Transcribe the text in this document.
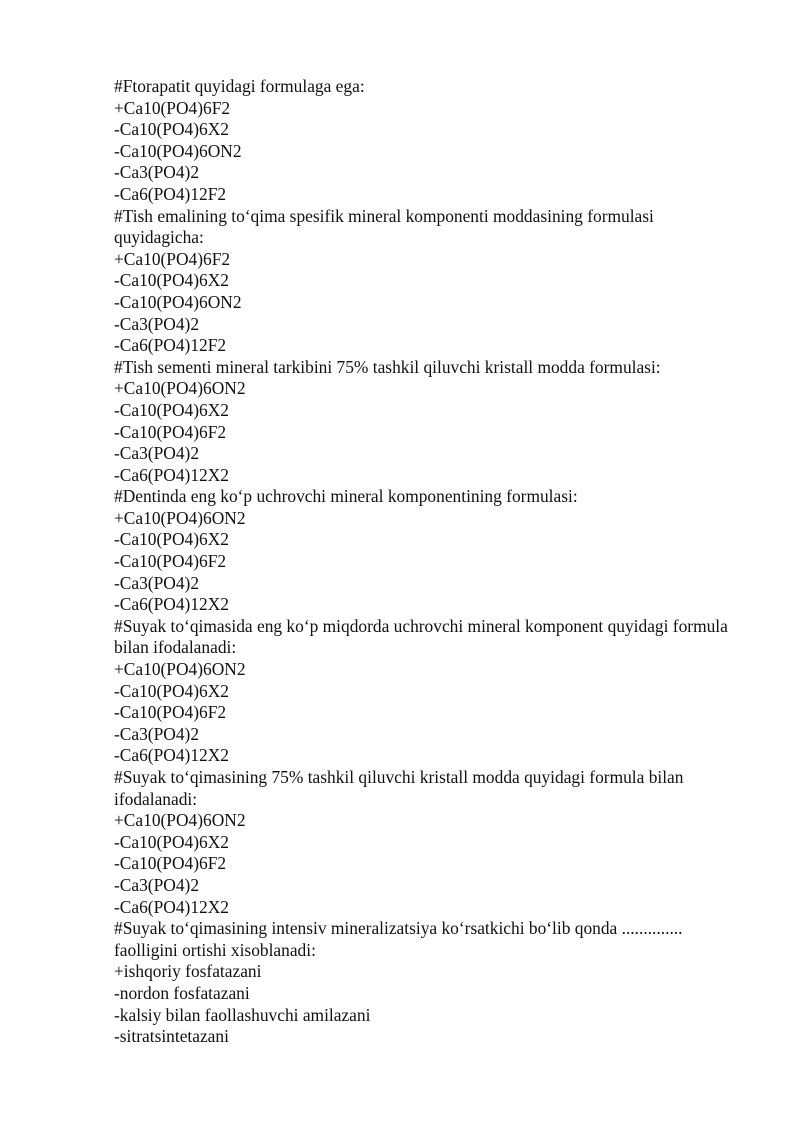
#Ftorapatit quyidagi formulaga ega:

+Ca10(PO4)6F2

-Ca10(PO4)6X2

-Ca10(PO4)6ON2

-Ca3(PO4)2

-Ca6(PO4)12F2

#Tish emalining to‘qima spesifik mineral komponenti moddasining formulasi quyidagicha:

+Ca10(PO4)6F2

-Ca10(PO4)6X2

-Ca10(PO4)6ON2

-Ca3(PO4)2

-Ca6(PO4)12F2

#Tish sementi mineral tarkibini 75% tashkil qiluvchi kristall modda formulasi:

+Ca10(PO4)6ON2

-Ca10(PO4)6X2

-Ca10(PO4)6F2

-Ca3(PO4)2

-Ca6(PO4)12X2

#Dentinda eng ko‘p uchrovchi mineral komponentining formulasi:

+Ca10(PO4)6ON2

-Ca10(PO4)6X2

-Ca10(PO4)6F2

-Ca3(PO4)2

-Ca6(PO4)12X2

#Suyak to‘qimasida eng ko‘p miqdorda uchrovchi mineral komponent quyidagi formula bilan ifodalanadi:

+Ca10(PO4)6ON2

-Ca10(PO4)6X2

-Ca10(PO4)6F2

-Ca3(PO4)2

-Ca6(PO4)12X2

#Suyak to‘qimasining 75% tashkil qiluvchi kristall modda quyidagi formula bilan ifodalanadi:

+Ca10(PO4)6ON2

-Ca10(PO4)6X2

-Ca10(PO4)6F2

-Ca3(PO4)2

-Ca6(PO4)12X2

#Suyak to‘qimasining intensiv mineralizatsiya ko‘rsatkichi bo‘lib qonda .............. faolligini ortishi xisoblanadi:

+ishqoriy fosfatazani

-nordon fosfatazani

-kalsiy bilan faollashuvchi amilazani

-sitratsintetazani
